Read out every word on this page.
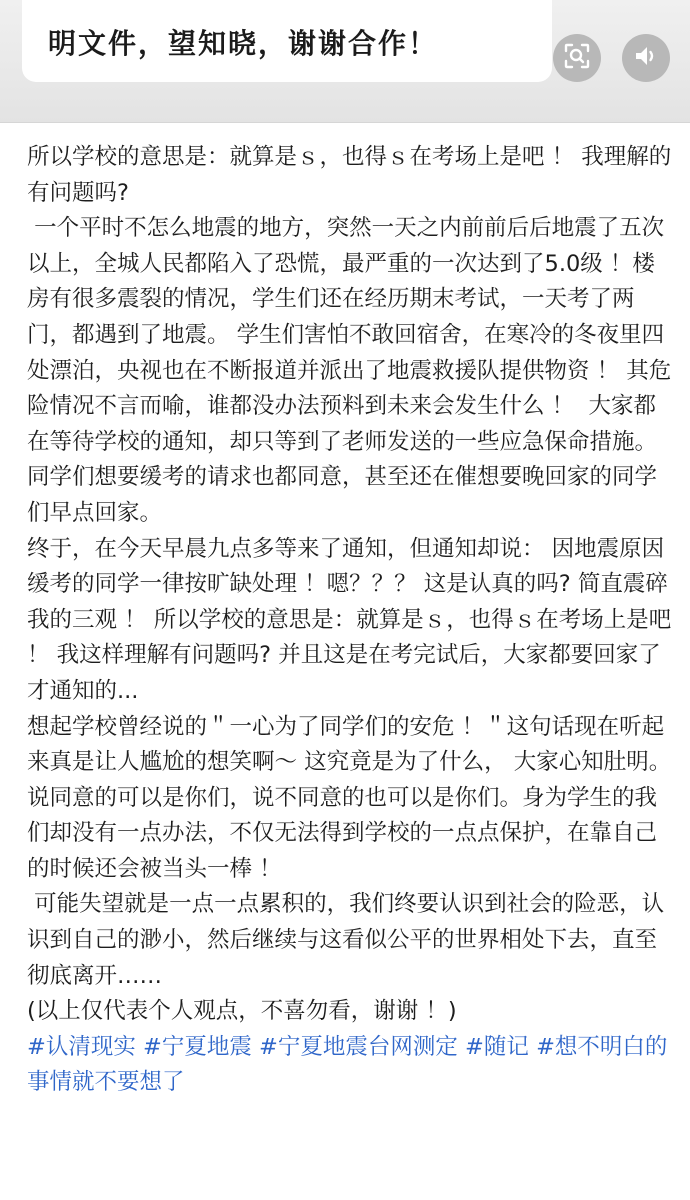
明文件，望知晓，谢谢合作！

所以学校的意思是：就算是ｓ，也得ｓ在考场上是吧 ！ 我理解的有问题吗?

一个平时不怎么地震的地方，突然一天之内前前后后地震了五次以上，全城人民都陷入了恐慌，最严重的一次达到了5.0级 ！楼房有很多震裂的情况，学生们还在经历期末考试，一天考了两门，都遇到了地震。 学生们害怕不敢回宿舍，在寒冷的冬夜里四处漂泊，央视也在不断报道并派出了地震救援队提供物资 ！ 其危险情况不言而喻，谁都没办法预料到未来会发生什么 ！  大家都在等待学校的通知，却只等到了老师发送的一些应急保命措施。同学们想要缓考的请求也都同意，甚至还在催想要晚回家的同学们早点回家。

终于，在今天早晨九点多等来了通知，但通知却说： 因地震原因缓考的同学一律按旷缺处理 ！嗯？？？ 这是认真的吗? 简直震碎我的三观 ！ 所以学校的意思是：就算是ｓ，也得ｓ在考场上是吧 ！ 我这样理解有问题吗? 并且这是在考完试后，大家都要回家了才通知的...

想起学校曾经说的＂一心为了同学们的安危 ！＂这句话现在听起来真是让人尴尬的想笑啊～ 这究竟是为了什么， 大家心知肚明。 说同意的可以是你们，说不同意的也可以是你们。身为学生的我们却没有一点办法，不仅无法得到学校的一点点保护，在靠自己的时候还会被当头一棒 ！

可能失望就是一点一点累积的，我们终要认识到社会的险恶，认识到自己的渺小，然后继续与这看似公平的世界相处下去，直至彻底离开……

(以上仅代表个人观点，不喜勿看，谢谢 ！)

#认清现实 #宁夏地震 #宁夏地震台网测定 #随记 #想不明白的事情就不要想了
